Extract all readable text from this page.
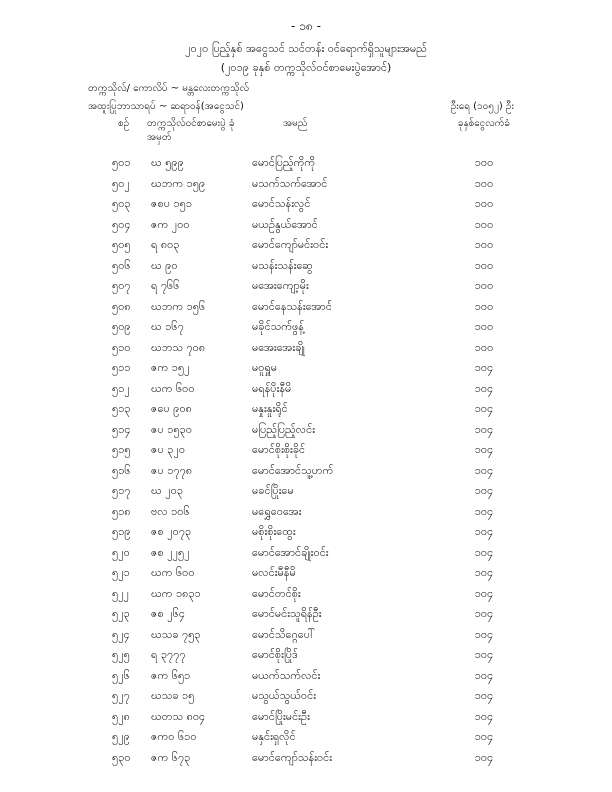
- ၁၈ -
၂၀၂၀ ပြည့်နှစ် အငွေသင် သင်တန်း ဝင်ရောက်ရှိသူများအမည်
(၂၀၁၉ ခုနှစ် တက္ကသိုလ်ဝင်စာမေးပွဲအောင်)
တက္ကသိုလ်/ ကောလိပ် ~ မန္တလေးတက္ကသိုလ်
အထူးပြုဘာသာရပ် ~ ဆရာဝန်(အငွေသင်)	ဦးရေ (၁၀၅၂) ဦး
စဉ် တက္ကသိုလ်ဝင်စာမေးပွဲ ခုံအမှတ်
အမည်	ခုနှစ်ငွေလက်ခံ
၅၀၁	ဃ ၅၉၉	မောင်ပြည့်ကိုကို	၁၀၀
၅၀၂	ဃဘက ၁၅၉	မသက်သက်အောင်	၁၀၀
၅၀၃	ဇစပ ၁၅၁	မောင်သန်းလွင်	၁၀၀
၅၀၄	ဇက ၂၀၀	မယဉ်နွယ်အောင်	၁၀၀
၅၀၅	ရ ၈၀၃	မောင်ကျော်မင်းဝင်း	၁၀၀
၅၀၆	ဃ ၉၀	မသန်းသန်းဆွေ	၁၀၀
၅၀၇	ရ ၇၆၆	မအေးကျော့မိုး	၁၀၀
၅၀၈	ဃဘက ၁၅၆	မောင်နေသန်းအောင်	၁၀၀
၅၀၉	ဃ ၁၆၇	မခိုင်သက်ဖွန့်	၁၀၀
၅၁၀	ဃဘသ ၇၀၈	မအေးအေးချို	၁၀၀
၅၁၁	ဇက ၁၅၂	မဝူရှူမ	၁၀၄
၅၁၂	ဃက ၆၀၀	မရန်ပိုးနီမိ	၁၀၄
၅၁၃	ဇပေ ၉၀၈	မနှုးနှုးရိုင်	၁၀၄
၅၁၄	ဇပ ၁၅၃၀	မပြည့်ပြည့်လင်း	၁၀၄
၅၁၅	ဇပ ၃၂၀	မောင်စိုးစိုးခိုင်	၁၀၄
၅၁၆	ဇပ ၁၇၇၈	မောင်အောင်သူ့ဟက်	၁၀၄
၅၁၇	ဃ ၂၀၃	မခင်ပြိုးမေ	၁၀၄
၅၁၈	ဗလ ၁၀၆	မရွှေဝေအေး	၁၀၄
၅၁၉	ဇစ ၂၀၇၃	မစိုးစိုးထွေး	၁၀၄
၅၂၀	ဇစ ၂၂၅၂	မောင်အောင်ချိုးဝင်း	၁၀၄
၅၂၁	ဃက ၆၀၀	မလင်းမီနီမိ	၁၀၄
၅၂၂	ဃက ၁၈၃၁	မောင်တင်စိုး	၁၀၄
၅၂၃	ဇစ ၂၆၄	မောင်မင်းသူရိန်ဦး	၁၀၄
၅၂၄	ဃသခ ၇၅၃	မောင်သိဂ္ဂေပေါ်	၁၀၄
၅၂၅	ရ ၃၇၇၇	မောင်စိုးပြိုဒ်	၁၀၄
၅၂၆	ဇက ၆၅၁	မယက်သက်လင်း	၁၀၄
၅၂၇	ဃသခ ၁၅	မသွယ်သွယ်ဝင်း	၁၀၄
၅၂၈	ဃတသ ၈၀၄	မောင်ပြိုးမင်းဦး	၁၀၄
၅၂၉	ဇကဝ ၆၁၀	မနှင်းရှလိုင်	၁၀၄
၅၃၀	ဇက ၆၇၃	မောင်ကျော်သန်းဝင်း	၁၀၄
